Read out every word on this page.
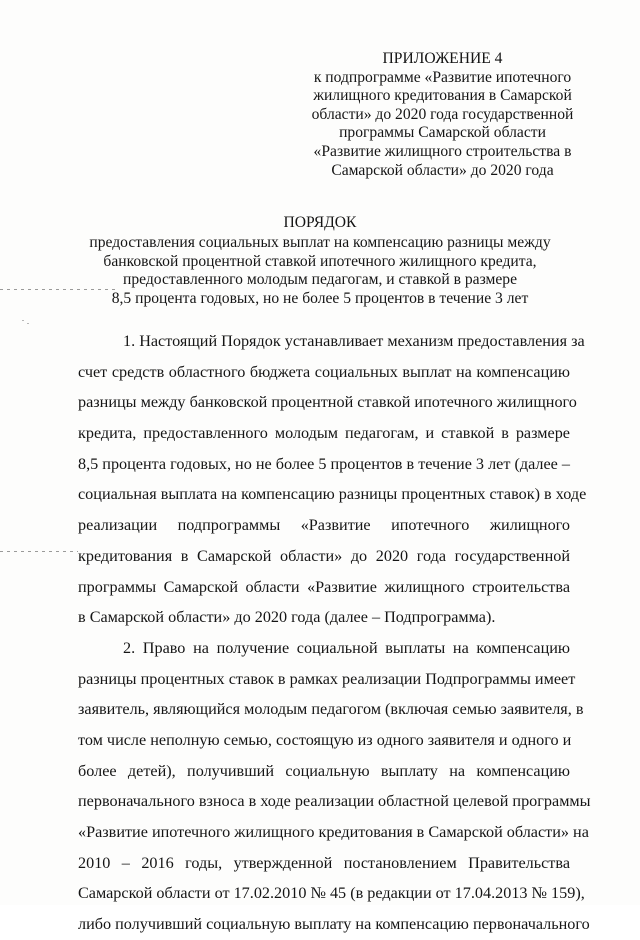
ПРИЛОЖЕНИЕ 4
к подпрограмме «Развитие ипотечного
жилищного кредитования в Самарской
области» до 2020 года государственной
программы Самарской области
«Развитие жилищного строительства в
Самарской области» до 2020 года
ПОРЯДОК
предоставления социальных выплат на компенсацию разницы между
банковской процентной ставкой ипотечного жилищного кредита,
предоставленного молодым педагогам, и ставкой в размере
8,5 процента годовых, но не более 5 процентов в течение 3 лет
1. Настоящий Порядок устанавливает механизм предоставления за
счет средств областного бюджета социальных выплат на компенсацию
разницы между банковской процентной ставкой ипотечного жилищного
кредита, предоставленного молодым педагогам, и ставкой в размере
8,5 процента годовых, но не более 5 процентов в течение 3 лет (далее –
социальная выплата на компенсацию разницы процентных ставок) в ходе
реализации подпрограммы «Развитие ипотечного жилищного
кредитования в Самарской области» до 2020 года государственной
программы Самарской области «Развитие жилищного строительства
в Самарской области» до 2020 года (далее – Подпрограмма).
2. Право на получение социальной выплаты на компенсацию
разницы процентных ставок в рамках реализации Подпрограммы имеет
заявитель, являющийся молодым педагогом (включая семью заявителя, в
том числе неполную семью, состоящую из одного заявителя и одного и
более детей), получивший социальную выплату на компенсацию
первоначального взноса в ходе реализации областной целевой программы
«Развитие ипотечного жилищного кредитования в Самарской области» на
2010 – 2016 годы, утвержденной постановлением Правительства
Самарской области от 17.02.2010 № 45 (в редакции от 17.04.2013 № 159),
либо получивший социальную выплату на компенсацию первоначального
